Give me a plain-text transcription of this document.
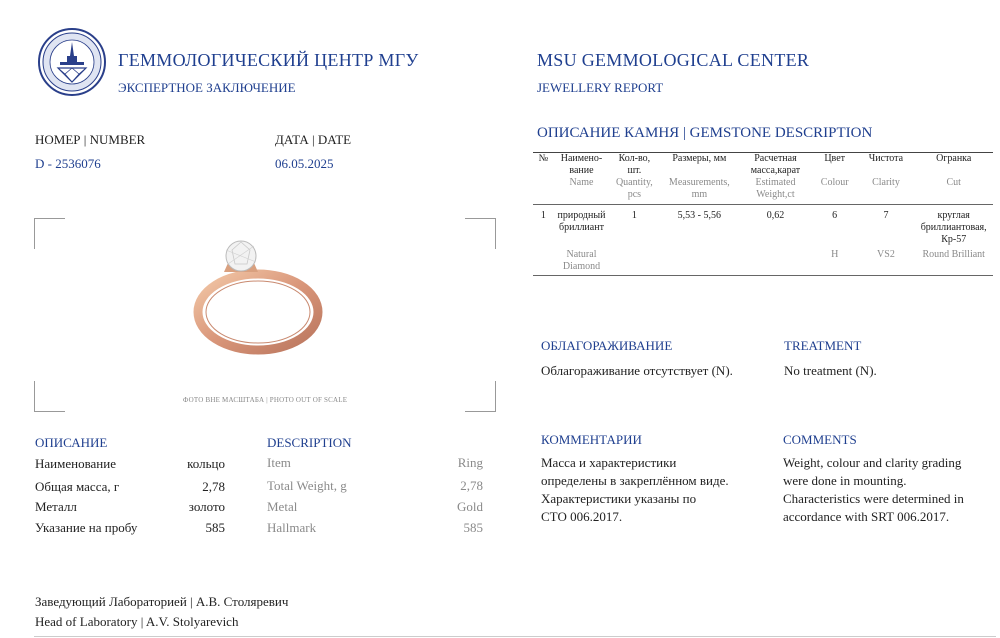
ГЕММОЛОГИЧЕСКИЙ ЦЕНТР МГУ
ЭКСПЕРТНОЕ ЗАКЛЮЧЕНИЕ
MSU GEMMOLOGICAL CENTER
JEWELLERY REPORT
НОМЕР | NUMBER
D - 2536076
ДАТА | DATE
06.05.2025
ФОТО ВНЕ МАСШТАБА | PHOTO OUT OF SCALE
ОПИСАНИЕ КАМНЯ | GEMSTONE DESCRIPTION
№	Наимено-вание	Кол-во, шт.	Размеры, мм	Расчетная масса,карат	Цвет	Чистота	Огранка
	Name	Quantity, pcs	Measurements, mm	Estimated Weight,ct	Colour	Clarity	Cut
1	природный бриллиант	1	5,53 - 5,56	0,62	6	7	круглая бриллиантовая, Кр-57
	Natural Diamond				H	VS2	Round Brilliant
ОБЛАГОРАЖИВАНИЕ
Облагораживание отсутствует (N).
TREATMENT
No treatment (N).
ОПИСАНИЕ	DESCRIPTION
Наименование	кольцо
Общая масса, г	2,78
Металл	золото
Указание на пробу	585
Item	Ring
Total Weight, g	2,78
Metal	Gold
Hallmark	585
КОММЕНТАРИИ
Масса и характеристики
определены в закреплённом виде.
Характеристики указаны по
СТО 006.2017.
COMMENTS
Weight, colour and clarity grading
were done in mounting.
Characteristics were determined in
accordance with SRT 006.2017.
Заведующий Лабораторией | А.В. Столяревич
Head of Laboratory | A.V. Stolyarevich
